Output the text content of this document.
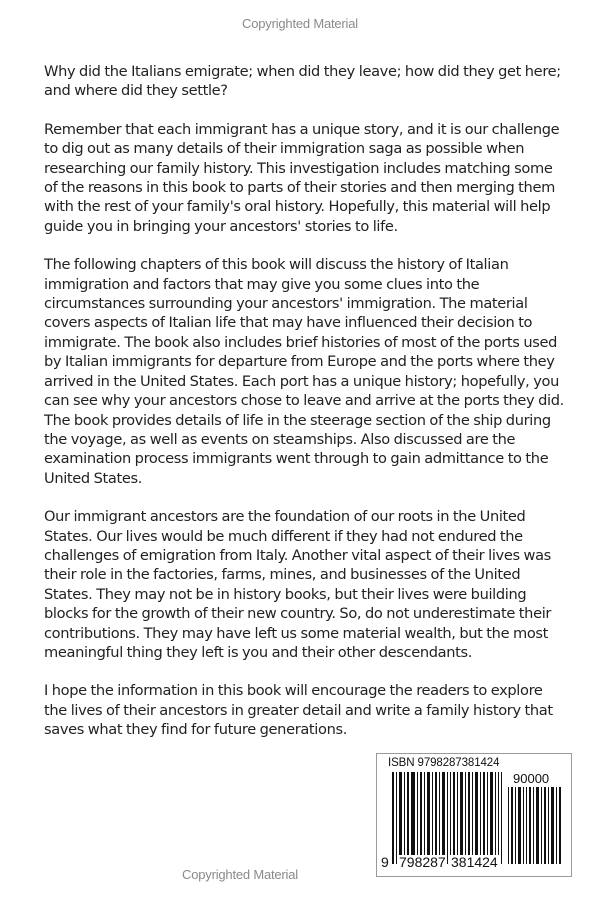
Copyrighted Material

Why did the Italians emigrate; when did they leave; how did they get here; and where did they settle?

Remember that each immigrant has a unique story, and it is our challenge to dig out as many details of their immigration saga as possible when researching our family history. This investigation includes matching some of the reasons in this book to parts of their stories and then merging them with the rest of your family's oral history. Hopefully, this material will help guide you in bringing your ancestors' stories to life.

The following chapters of this book will discuss the history of Italian immigration and factors that may give you some clues into the circumstances surrounding your ancestors' immigration. The material covers aspects of Italian life that may have influenced their decision to immigrate. The book also includes brief histories of most of the ports used by Italian immigrants for departure from Europe and the ports where they arrived in the United States. Each port has a unique history; hopefully, you can see why your ancestors chose to leave and arrive at the ports they did. The book provides details of life in the steerage section of the ship during the voyage, as well as events on steamships. Also discussed are the examination process immigrants went through to gain admittance to the United States.

Our immigrant ancestors are the foundation of our roots in the United States. Our lives would be much different if they had not endured the challenges of emigration from Italy. Another vital aspect of their lives was their role in the factories, farms, mines, and businesses of the United States. They may not be in history books, but their lives were building blocks for the growth of their new country. So, do not underestimate their contributions. They may have left us some material wealth, but the most meaningful thing they left is you and their other descendants.

I hope the information in this book will encourage the readers to explore the lives of their ancestors in greater detail and write a family history that saves what they find for future generations.

ISBN 9798287381424
90000
9 798287 381424
Copyrighted Material
